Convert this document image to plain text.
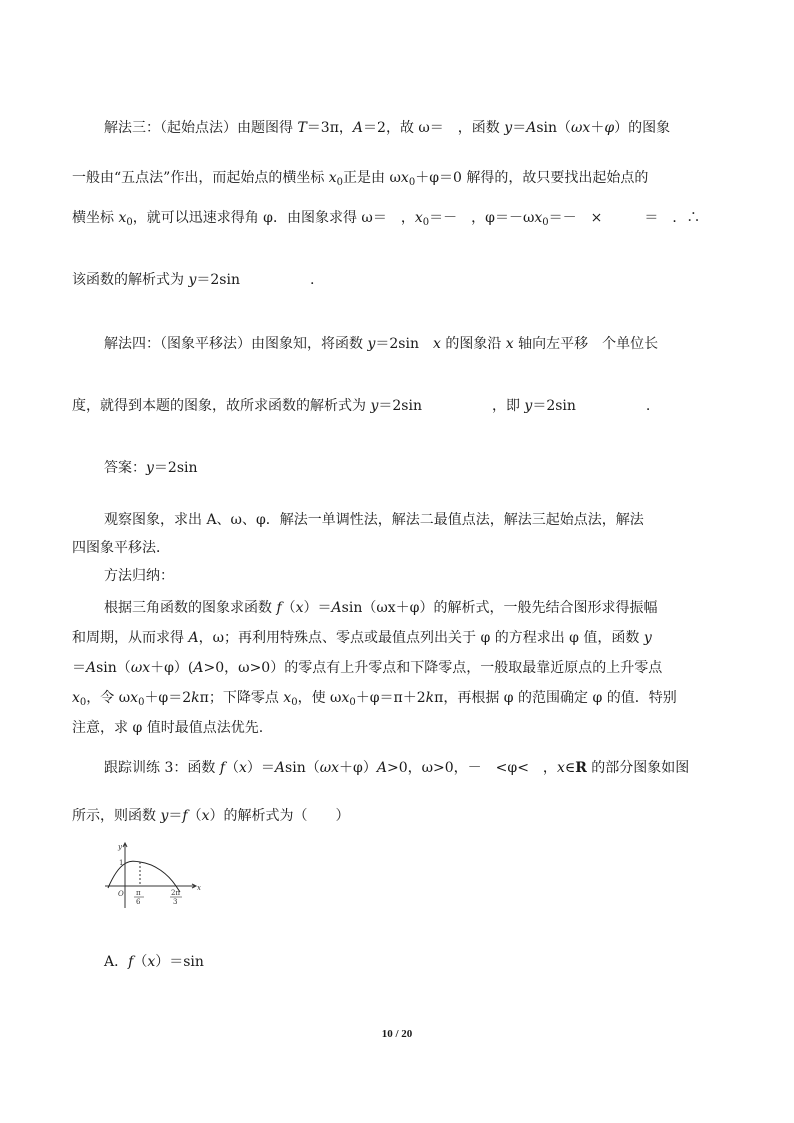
解法三：（起始点法）由题图得 T＝3π，A＝2，故 ω＝　，函数 y＝Asin（ωx＋φ）的图象
一般由“五点法”作出，而起始点的横坐标 $x_0$正是由 $\omega x_0+\varphi=0$ 解得的，故只要找出起始点的
横坐标 $x_0$，就可以迅速求得角 φ．由图象求得 ω＝　，$x_0=-$　，$\varphi=-\omega x_0=-$　×　　　＝　．∴
该函数的解析式为 y＝2sin　　　　　.
解法四：（图象平移法）由图象知，将函数 y＝2sin　x 的图象沿 x 轴向左平移　个单位长
度，就得到本题的图象，故所求函数的解析式为 y＝2sin　　　　　，即 y＝2sin　　　　　.
答案：y＝2sin
观察图象，求出 A、ω、φ．解法一单调性法，解法二最值点法，解法三起始点法，解法
四图象平移法．
方法归纳：
根据三角函数的图象求函数 f（x）＝Asin（ωx＋φ）的解析式，一般先结合图形求得振幅
和周期，从而求得 A，ω；再利用特殊点、零点或最值点列出关于 φ 的方程求出 φ 值，函数 y
＝Asin（ωx＋φ）(A>0，ω>0）的零点有上升零点和下降零点，一般取最靠近原点的上升零点
$x_0$，令 $\omega x_0+\varphi=2k\pi$；下降零点 $x_0$，使 $\omega x_0+\varphi=\pi+2k\pi$，再根据 φ 的范围确定 φ 的值．特别
注意，求 φ 值时最值点法优先.
跟踪训练 3：函数 f（x）＝Asin（ωx＋φ）A>0，ω>0，－　<φ<　，x∈R 的部分图象如图
所示，则函数 y＝f（x）的解析式为（　　）
y
1
O
x
π
6
2π
3
A．f（x）＝sin
10 / 20
